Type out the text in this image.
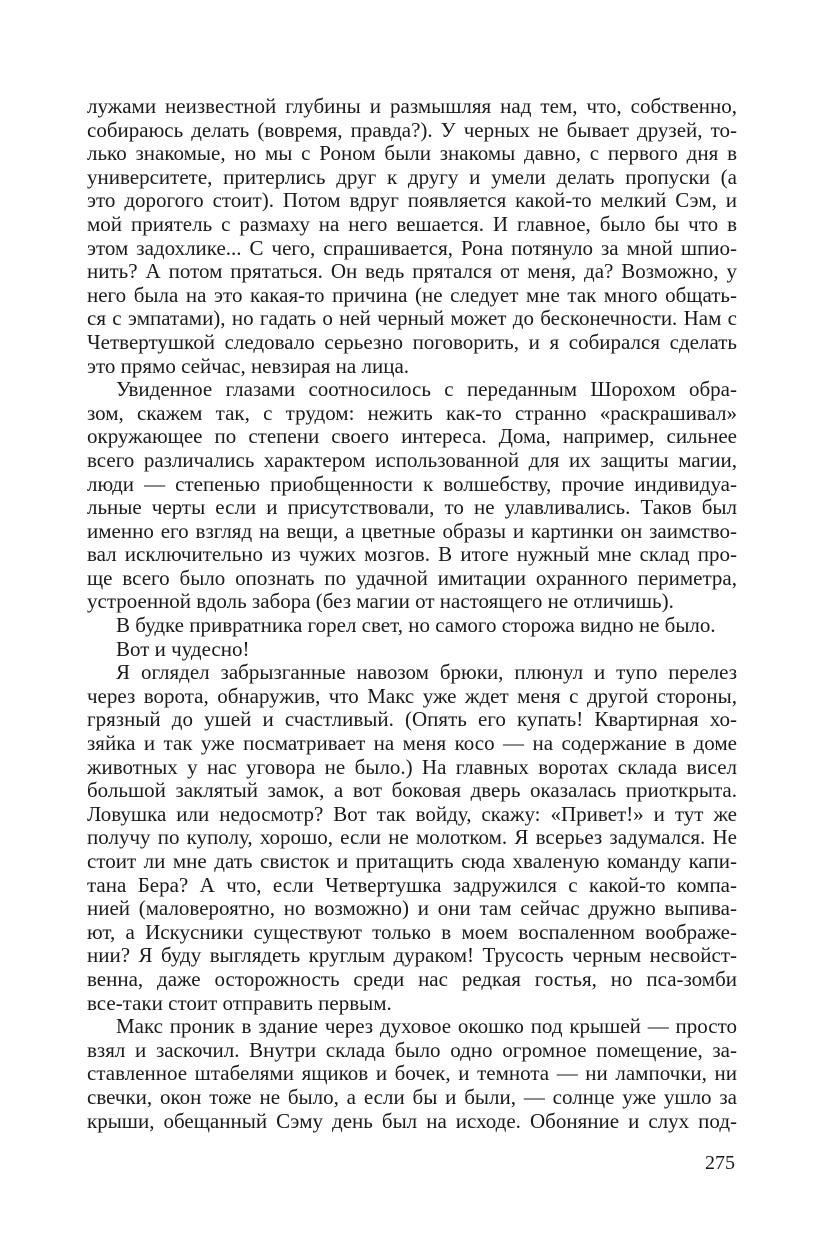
лужами неизвестной глубины и размышляя над тем, что, собственно,
собираюсь делать (вовремя, правда?). У черных не бывает друзей, то-
лько знакомые, но мы с Роном были знакомы давно, с первого дня в
университете, притерлись друг к другу и умели делать пропуски (а
это дорогого стоит). Потом вдруг появляется какой-то мелкий Сэм, и
мой приятель с размаху на него вешается. И главное, было бы что в
этом задохлике... С чего, спрашивается, Рона потянуло за мной шпио-
нить? А потом прятаться. Он ведь прятался от меня, да? Возможно, у
него была на это какая-то причина (не следует мне так много общать-
ся с эмпатами), но гадать о ней черный может до бесконечности. Нам с
Четвертушкой следовало серьезно поговорить, и я собирался сделать
это прямо сейчас, невзирая на лица.
Увиденное глазами соотносилось с переданным Шорохом обра-
зом, скажем так, с трудом: нежить как-то странно «раскрашивал»
окружающее по степени своего интереса. Дома, например, сильнее
всего различались характером использованной для их защиты магии,
люди — степенью приобщенности к волшебству, прочие индивидуа-
льные черты если и присутствовали, то не улавливались. Таков был
именно его взгляд на вещи, а цветные образы и картинки он заимство-
вал исключительно из чужих мозгов. В итоге нужный мне склад про-
ще всего было опознать по удачной имитации охранного периметра,
устроенной вдоль забора (без магии от настоящего не отличишь).
В будке привратника горел свет, но самого сторожа видно не было.
Вот и чудесно!
Я оглядел забрызганные навозом брюки, плюнул и тупо перелез
через ворота, обнаружив, что Макс уже ждет меня с другой стороны,
грязный до ушей и счастливый. (Опять его купать! Квартирная хо-
зяйка и так уже посматривает на меня косо — на содержание в доме
животных у нас уговора не было.) На главных воротах склада висел
большой заклятый замок, а вот боковая дверь оказалась приоткрыта.
Ловушка или недосмотр? Вот так войду, скажу: «Привет!» и тут же
получу по куполу, хорошо, если не молотком. Я всерьез задумался. Не
стоит ли мне дать свисток и притащить сюда хваленую команду капи-
тана Бера? А что, если Четвертушка задружился с какой-то компа-
нией (маловероятно, но возможно) и они там сейчас дружно выпива-
ют, а Искусники существуют только в моем воспаленном воображе-
нии? Я буду выглядеть круглым дураком! Трусость черным несвойст-
венна, даже осторожность среди нас редкая гостья, но пса-зомби
все-таки стоит отправить первым.
Макс проник в здание через духовое окошко под крышей — просто
взял и заскочил. Внутри склада было одно огромное помещение, за-
ставленное штабелями ящиков и бочек, и темнота — ни лампочки, ни
свечки, окон тоже не было, а если бы и были, — солнце уже ушло за
крыши, обещанный Сэму день был на исходе. Обоняние и слух под-
275
